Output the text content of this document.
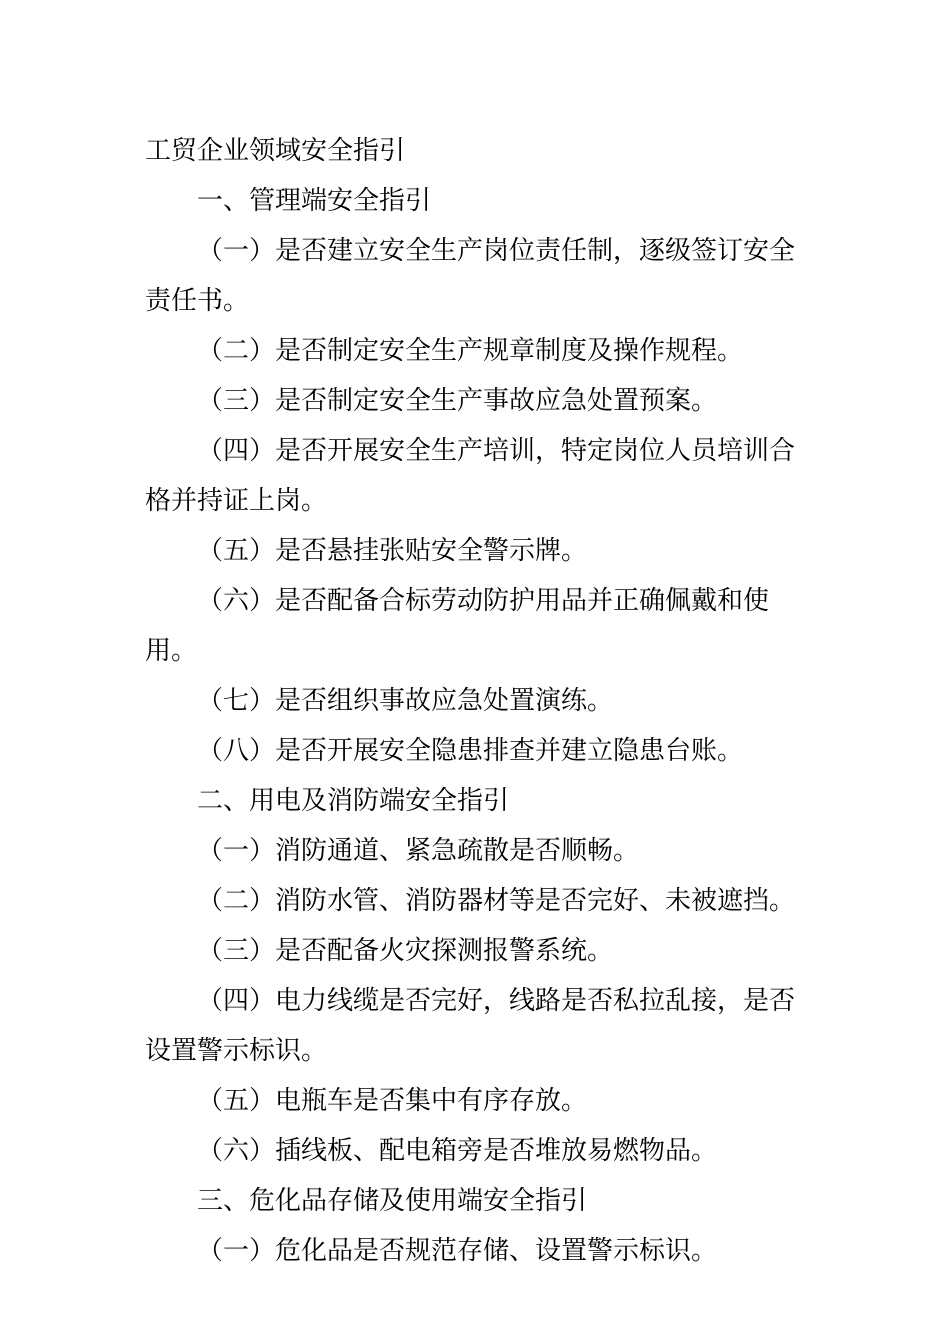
工贸企业领域安全指引

一、管理端安全指引

（一）是否建立安全生产岗位责任制，逐级签订安全责任书。

（二）是否制定安全生产规章制度及操作规程。

（三）是否制定安全生产事故应急处置预案。

（四）是否开展安全生产培训，特定岗位人员培训合格并持证上岗。

（五）是否悬挂张贴安全警示牌。

（六）是否配备合标劳动防护用品并正确佩戴和使用。

（七）是否组织事故应急处置演练。

（八）是否开展安全隐患排查并建立隐患台账。

二、用电及消防端安全指引

（一）消防通道、紧急疏散是否顺畅。

（二）消防水管、消防器材等是否完好、未被遮挡。

（三）是否配备火灾探测报警系统。

（四）电力线缆是否完好，线路是否私拉乱接，是否设置警示标识。

（五）电瓶车是否集中有序存放。

（六）插线板、配电箱旁是否堆放易燃物品。

三、危化品存储及使用端安全指引

（一）危化品是否规范存储、设置警示标识。
